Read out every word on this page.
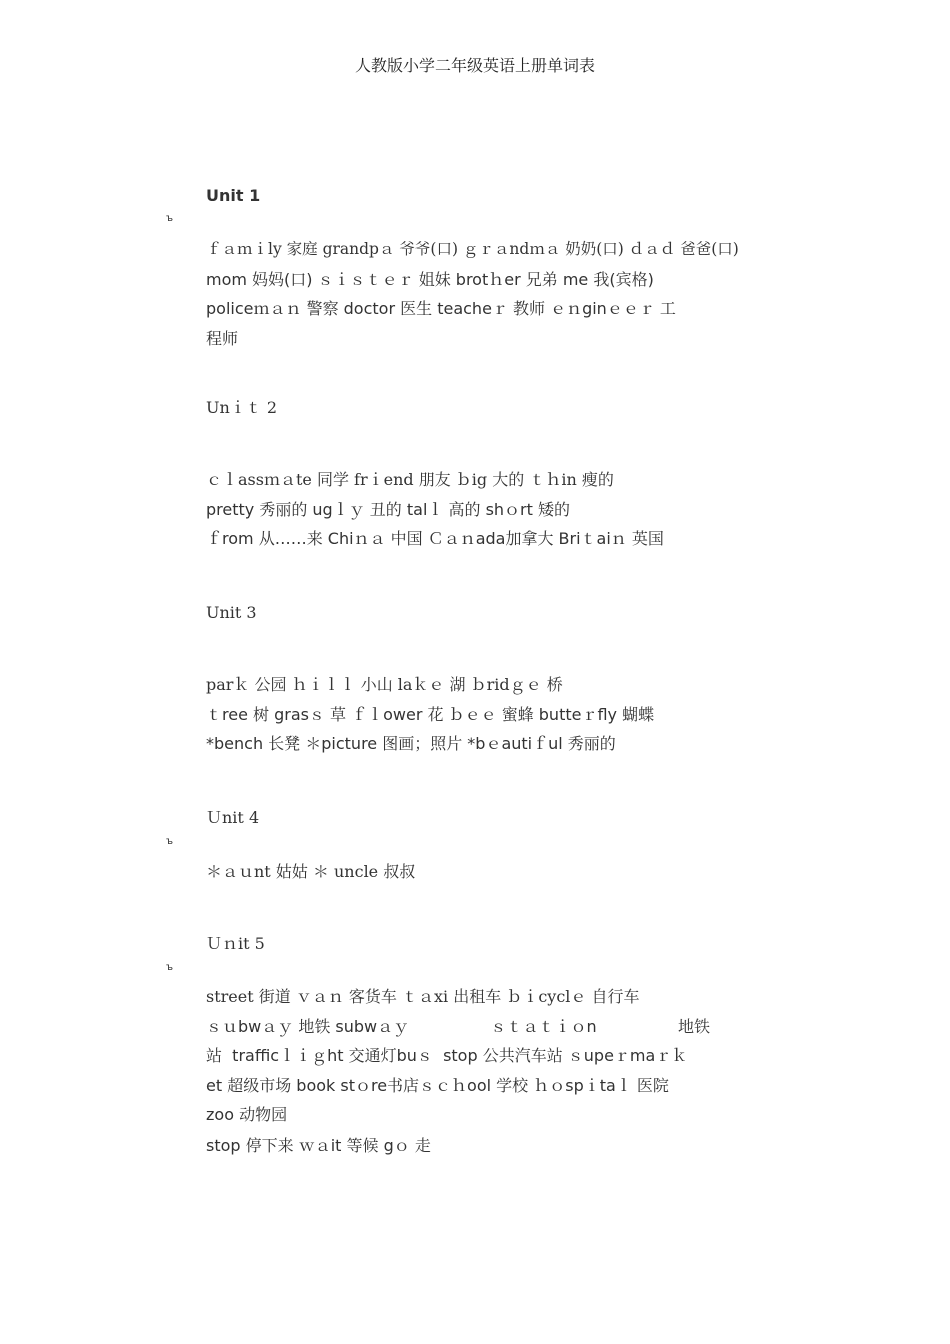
人教版小学二年级英语上册单词表
Unit 1
ъ
ｆａｍｉly 家庭 grandpａ 爷爷(口) ｇｒａndｍａ 奶奶(口) ｄａｄ 爸爸(口)
mom 妈妈(口) ｓｉｓｔｅｒ 姐妹 brotｈer 兄弟 me 我(宾格)
policeｍａｎ 警察 doctor 医生 teacheｒ 教师 ｅｎginｅｅｒ 工
程师
Unｉｔ 2
ｃｌassｍａte 同学 frｉend 朋友 ｂig 大的 ｔｈin 瘦的
pretty 秀丽的 ugｌｙ 丑的 talｌ 高的 shｏrt 矮的
ｆrom 从……来 Chiｎａ 中国 Ｃａｎada加拿大 Briｔaiｎ 英国
Unit 3
parｋ 公园 ｈｉｌｌ 小山 laｋｅ 湖 ｂridｇｅ 桥
ｔree 树 grasｓ 草 ｆｌower 花 ｂｅｅ 蜜蜂 butteｒfly 蝴蝶
*bench 长凳 ＊picture 图画；照片 *bｅautiｆul 秀丽的
Ｕnit 4
ъ
＊ａｕnt 姑姑 ＊ uncle 叔叔
Ｕｎit 5
ъ
street 街道 ｖａｎ 客货车 ｔａxi 出租车 ｂｉcyclｅ 自行车
ｓｕbwａｙ 地铁 subwａｙ                ｓｔａｔｉｏn                地铁
站  trafficｌｉｇht 交通灯buｓ  stop 公共汽车站 ｓupeｒmaｒｋ
et 超级市场 book stｏre书店ｓｃｈool 学校 ｈｏspｉtaｌ 医院
zoo 动物园
stop 停下来 ｗａit 等候 gｏ 走
